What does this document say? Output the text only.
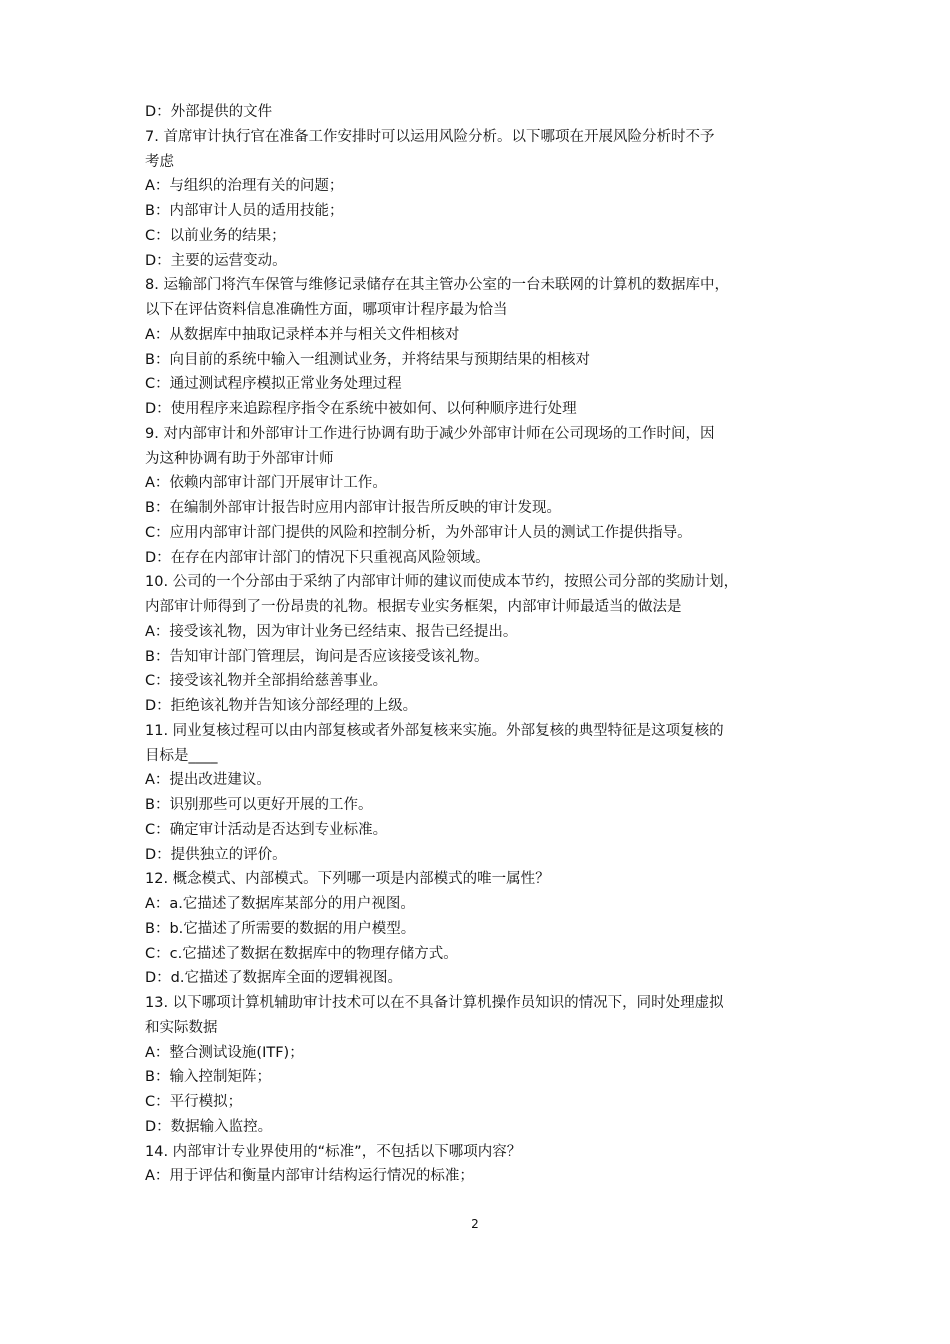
D：外部提供的文件
7. 首席审计执行官在准备工作安排时可以运用风险分析。以下哪项在开展风险分析时不予
考虑
A：与组织的治理有关的问题；
B：内部审计人员的适用技能；
C：以前业务的结果；
D：主要的运营变动。
8. 运输部门将汽车保管与维修记录储存在其主管办公室的一台未联网的计算机的数据库中，
以下在评估资料信息准确性方面，哪项审计程序最为恰当
A：从数据库中抽取记录样本并与相关文件相核对
B：向目前的系统中输入一组测试业务，并将结果与预期结果的相核对
C：通过测试程序模拟正常业务处理过程
D：使用程序来追踪程序指令在系统中被如何、以何种顺序进行处理
9. 对内部审计和外部审计工作进行协调有助于减少外部审计师在公司现场的工作时间，因
为这种协调有助于外部审计师
A：依赖内部审计部门开展审计工作。
B：在编制外部审计报告时应用内部审计报告所反映的审计发现。
C：应用内部审计部门提供的风险和控制分析，为外部审计人员的测试工作提供指导。
D：在存在内部审计部门的情况下只重视高风险领域。
10. 公司的一个分部由于采纳了内部审计师的建议而使成本节约，按照公司分部的奖励计划，
内部审计师得到了一份昂贵的礼物。根据专业实务框架，内部审计师最适当的做法是
A：接受该礼物，因为审计业务已经结束、报告已经提出。
B：告知审计部门管理层，询问是否应该接受该礼物。
C：接受该礼物并全部捐给慈善事业。
D：拒绝该礼物并告知该分部经理的上级。
11. 同业复核过程可以由内部复核或者外部复核来实施。外部复核的典型特征是这项复核的
目标是____
A：提出改进建议。
B：识别那些可以更好开展的工作。
C：确定审计活动是否达到专业标准。
D：提供独立的评价。
12. 概念模式、内部模式。下列哪一项是内部模式的唯一属性？
A：a.它描述了数据库某部分的用户视图。
B：b.它描述了所需要的数据的用户模型。
C：c.它描述了数据在数据库中的物理存储方式。
D：d.它描述了数据库全面的逻辑视图。
13. 以下哪项计算机辅助审计技术可以在不具备计算机操作员知识的情况下，同时处理虚拟
和实际数据
A：整合测试设施(ITF)；
B：输入控制矩阵；
C：平行模拟；
D：数据输入监控。
14. 内部审计专业界使用的“标准”，不包括以下哪项内容？
A：用于评估和衡量内部审计结构运行情况的标准；
2
